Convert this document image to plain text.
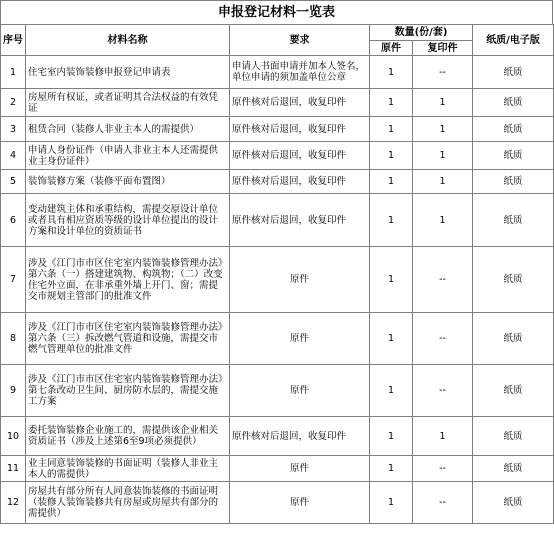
申报登记材料一览表
序号	材料名称	要求	数量(份/套)		纸质/电子版
			原件	复印件	
1	住宅室内装饰装修申报登记申请表	申请人书面申请并加本人签名，单位申请的须加盖单位公章	1	--	纸质
2	房屋所有权证，或者证明其合法权益的有效凭证	原件核对后退回，收复印件	1	1	纸质
3	租赁合同（装修人非业主本人的需提供）	原件核对后退回，收复印件	1	1	纸质
4	申请人身份证件（申请人非业主本人还需提供业主身份证件）	原件核对后退回，收复印件	1	1	纸质
5	装饰装修方案（装修平面布置图）	原件核对后退回，收复印件	1	1	纸质
6	变动建筑主体和承重结构，需提交原设计单位或者具有相应资质等级的设计单位提出的设计方案和设计单位的资质证书	原件核对后退回，收复印件	1	1	纸质
7	涉及《江门市市区住宅室内装饰装修管理办法》第六条（一）搭建建筑物、构筑物；（二）改变住宅外立面，在非承重外墙上开门、窗；需提交市规划主管部门的批准文件	原件	1	--	纸质
8	涉及《江门市市区住宅室内装饰装修管理办法》第六条（三）拆改燃气管道和设施，需提交市燃气管理单位的批准文件	原件	1	--	纸质
9	涉及《江门市市区住宅室内装饰装修管理办法》第七条改动卫生间、厨房防水层的，需提交施工方案	原件	1	--	纸质
10	委托装饰装修企业施工的，需提供该企业相关资质证书（涉及上述第6至9项必须提供）	原件核对后退回，收复印件	1	1	纸质
11	业主同意装饰装修的书面证明（装修人非业主本人的需提供）	原件	1	--	纸质
12	房屋共有部分所有人同意装饰装修的书面证明（装修人装饰装修共有房屋或房屋共有部分的需提供）	原件	1	--	纸质
